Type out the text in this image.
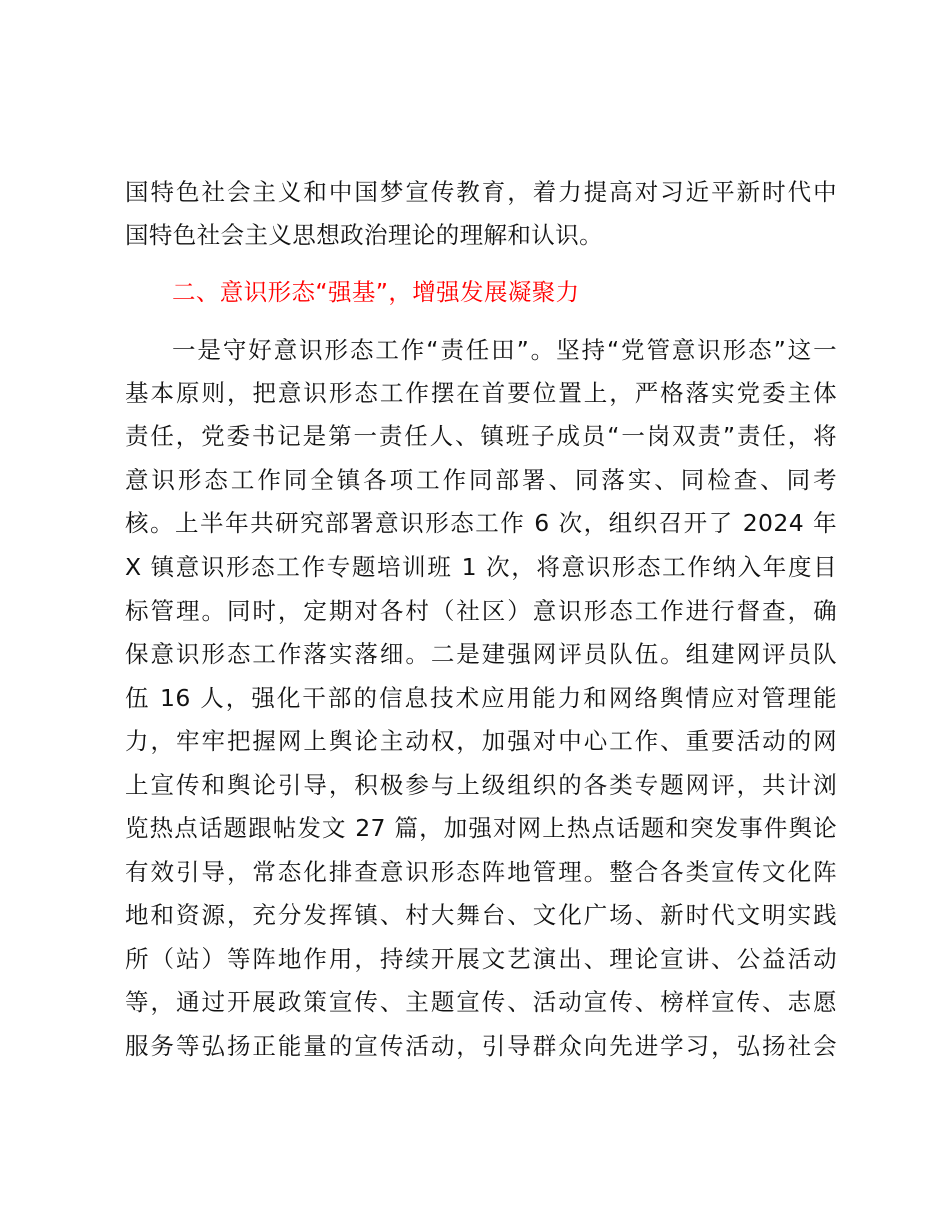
国特色社会主义和中国梦宣传教育，着力提高对习近平新时代中
国特色社会主义思想政治理论的理解和认识。
二、意识形态“强基”，增强发展凝聚力
一是守好意识形态工作“责任田”。坚持“党管意识形态”这一
基本原则，把意识形态工作摆在首要位置上，严格落实党委主体
责任，党委书记是第一责任人、镇班子成员“一岗双责”责任，将
意识形态工作同全镇各项工作同部署、同落实、同检查、同考
核。上半年共研究部署意识形态工作 6 次，组织召开了 2024 年
X 镇意识形态工作专题培训班 1 次，将意识形态工作纳入年度目
标管理。同时，定期对各村（社区）意识形态工作进行督查，确
保意识形态工作落实落细。二是建强网评员队伍。组建网评员队
伍 16 人，强化干部的信息技术应用能力和网络舆情应对管理能
力，牢牢把握网上舆论主动权，加强对中心工作、重要活动的网
上宣传和舆论引导，积极参与上级组织的各类专题网评，共计浏
览热点话题跟帖发文 27 篇，加强对网上热点话题和突发事件舆论
有效引导，常态化排查意识形态阵地管理。整合各类宣传文化阵
地和资源，充分发挥镇、村大舞台、文化广场、新时代文明实践
所（站）等阵地作用，持续开展文艺演出、理论宣讲、公益活动
等，通过开展政策宣传、主题宣传、活动宣传、榜样宣传、志愿
服务等弘扬正能量的宣传活动，引导群众向先进学习，弘扬社会
